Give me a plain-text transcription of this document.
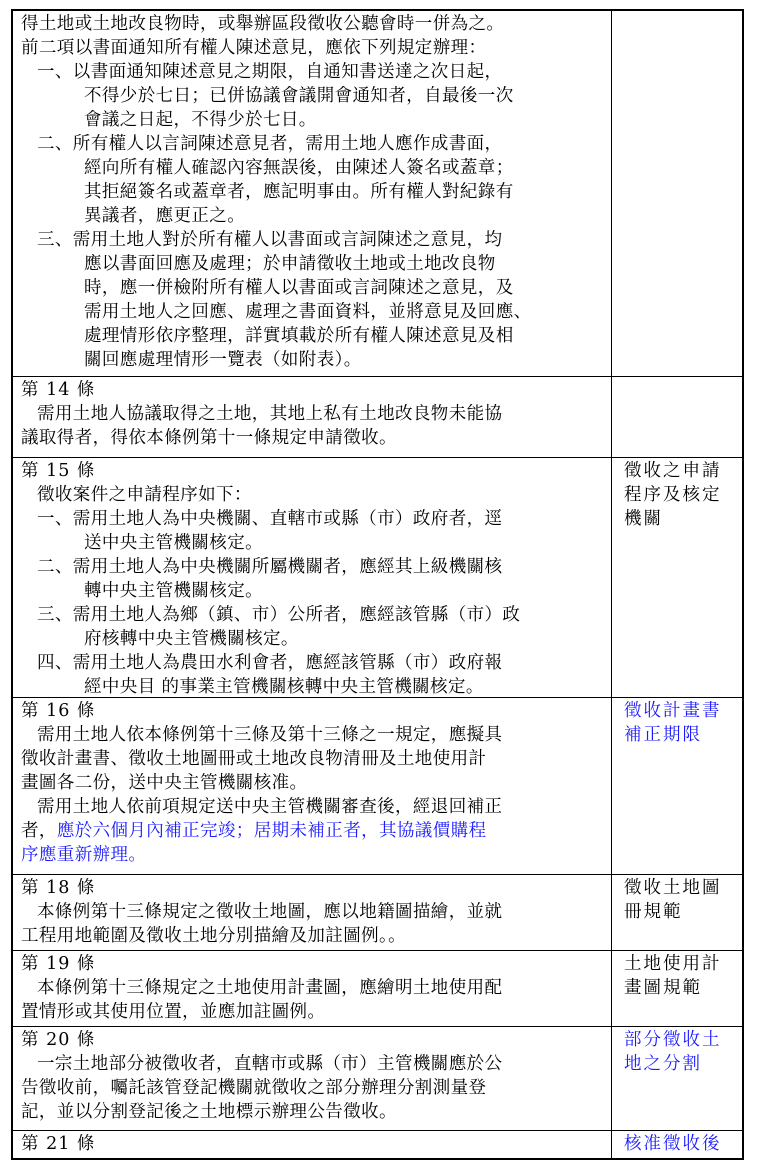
得土地或土地改良物時，或舉辦區段徵收公聽會時一併為之。
前二項以書面通知所有權人陳述意見，應依下列規定辦理：
一、以書面通知陳述意見之期限，自通知書送達之次日起，
不得少於七日；已併協議會議開會通知者，自最後一次
會議之日起，不得少於七日。
二、所有權人以言詞陳述意見者，需用土地人應作成書面，
經向所有權人確認內容無誤後，由陳述人簽名或蓋章；
其拒絕簽名或蓋章者，應記明事由。所有權人對紀錄有
異議者，應更正之。
三、需用土地人對於所有權人以書面或言詞陳述之意見，均
應以書面回應及處理；於申請徵收土地或土地改良物
時，應一併檢附所有權人以書面或言詞陳述之意見，及
需用土地人之回應、處理之書面資料，並將意見及回應、
處理情形依序整理，詳實填載於所有權人陳述意見及相
關回應處理情形一覽表（如附表）。
第 14 條
需用土地人協議取得之土地，其地上私有土地改良物未能協
議取得者，得依本條例第十一條規定申請徵收。
第 15 條
徵收案件之申請程序如下：
一、需用土地人為中央機關、直轄市或縣（市）政府者，逕
送中央主管機關核定。
二、需用土地人為中央機關所屬機關者，應經其上級機關核
轉中央主管機關核定。
三、需用土地人為鄉（鎮、市）公所者，應經該管縣（市）政
府核轉中央主管機關核定。
四、需用土地人為農田水利會者，應經該管縣（市）政府報
經中央目 的事業主管機關核轉中央主管機關核定。
徵收之申請
程序及核定
機關
第 16 條
需用土地人依本條例第十三條及第十三條之一規定，應擬具
徵收計畫書、徵收土地圖冊或土地改良物清冊及土地使用計
畫圖各二份，送中央主管機關核准。
需用土地人依前項規定送中央主管機關審查後，經退回補正
者，應於六個月內補正完竣；居期未補正者，其協議價購程
序應重新辦理。
徵收計畫書
補正期限
第 18 條
本條例第十三條規定之徵收土地圖，應以地籍圖描繪，並就
工程用地範圍及徵收土地分別描繪及加註圖例。。
徵收土地圖
冊規範
第 19 條
本條例第十三條規定之土地使用計畫圖，應繪明土地使用配
置情形或其使用位置，並應加註圖例。
土地使用計
畫圖規範
第 20 條
一宗土地部分被徵收者，直轄市或縣（市）主管機關應於公
告徵收前，囑託該管登記機關就徵收之部分辦理分割測量登
記，並以分割登記後之土地標示辦理公告徵收。
部分徵收土
地之分割
第 21 條	核准徵收後
